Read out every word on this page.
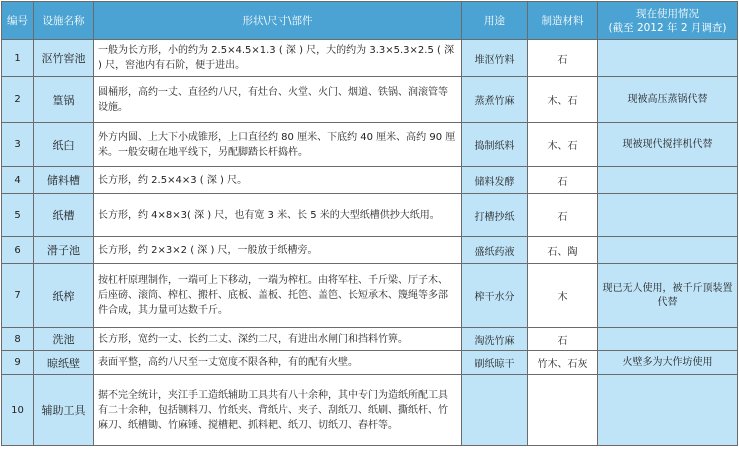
编号	设施名称	形状\尺寸\部件	用途	制造材料	现在使用情况
(截至 2012 年 2 月调查)

1	沤竹窖池	一般为长方形，小的约为 2.5×4.5×1.3 ( 深 ) 尺，大的约为 3.3×5.3×2.5 ( 深 ) 尺，窖池内有石阶，便于进出。	堆沤竹料	石	
2	篁锅	圆桶形，高约一丈、直径约八尺，有灶台、火堂、火门、烟道、铁锅、润滚管等设施。	蒸煮竹麻	木、石	现被高压蒸锅代替
3	纸臼	外方内圆、上大下小成锥形，上口直径约 80 厘米、下底约 40 厘米、高约 90 厘米。一般安砌在地平线下，另配脚踏长杆捣杵。	捣制纸料	木、石	现被现代搅拌机代替
4	储料槽	长方形，约 2.5×4×3 ( 深 ) 尺。	储料发酵	石	
5	纸槽	长方形，约 4×8×3( 深 ) 尺，也有宽 3 米、长 5 米的大型纸槽供抄大纸用。	打槽抄纸	石	
6	滑子池	长方形，约 2×3×2 ( 深 ) 尺，一般放于纸槽旁。	盛纸药液	石、陶	
7	纸榨	按杠杆原理制作，一端可上下移动，一端为榨杠。由将军柱、千斤梁、厅子木、后座磅、滚筒、榨杠、搬杆、底板、盖板、托笆、盖笆、长短承木、篾绳等多部件合成，其力量可达数千斤。	榨干水分	木	现已无人使用，被千斤顶装置代替
8	洗池	长方形，宽约一丈、长约二丈、深约二尺，有进出水闸门和挡料竹箅。	淘洗竹麻	石	
9	晾纸壁	表面平整，高约八尺至一丈宽度不限各种，有的配有火壁。	刷纸晾干	竹木、石灰	火壁多为大作坊使用
10	辅助工具	据不完全统计，夹江手工造纸辅助工具共有八十余种，其中专门为造纸所配工具有二十余种，包括铡料刀、竹纸夹、背纸片、夹子、刮纸刀、纸刷、撕纸杆、竹麻刀、纸槽锄、竹麻锤、搅槽耙、抓料耙、纸刀、切纸刀、舂杆等。			
